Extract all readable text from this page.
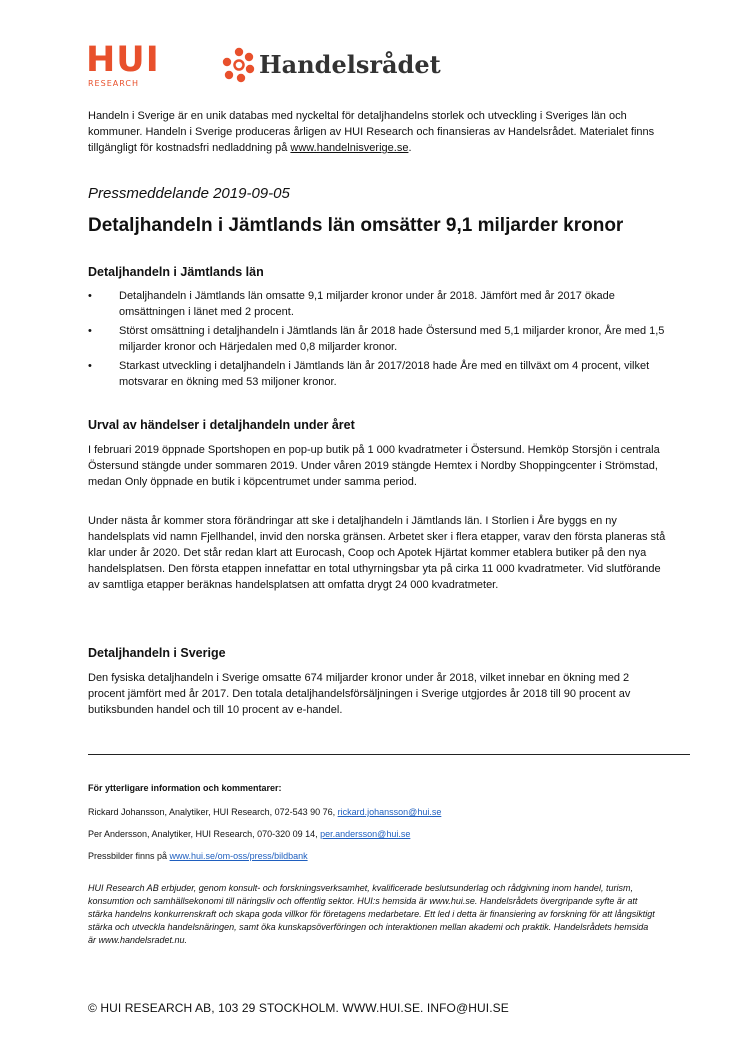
HUI
RESEARCH
Handelsrådet
Handeln i Sverige är en unik databas med nyckeltal för detaljhandelns storlek och utveckling i Sveriges län och kommuner. Handeln i Sverige produceras årligen av HUI Research och finansieras av Handelsrådet. Materialet finns tillgängligt för kostnadsfri nedladdning på www.handelnisverige.se.
Pressmeddelande 2019-09-05
Detaljhandeln i Jämtlands län omsätter 9,1 miljarder kronor
Detaljhandeln i Jämtlands län
• Detaljhandeln i Jämtlands län omsatte 9,1 miljarder kronor under år 2018. Jämfört med år 2017 ökade omsättningen i länet med 2 procent.
• Störst omsättning i detaljhandeln i Jämtlands län år 2018 hade Östersund med 5,1 miljarder kronor, Åre med 1,5 miljarder kronor och Härjedalen med 0,8 miljarder kronor.
• Starkast utveckling i detaljhandeln i Jämtlands län år 2017/2018 hade Åre med en tillväxt om 4 procent, vilket motsvarar en ökning med 53 miljoner kronor.
Urval av händelser i detaljhandeln under året

I februari 2019 öppnade Sportshopen en pop-up butik på 1 000 kvadratmeter i Östersund. Hemköp Storsjön i centrala Östersund stängde under sommaren 2019. Under våren 2019 stängde Hemtex i Nordby Shoppingcenter i Strömstad, medan Only öppnade en butik i köpcentrumet under samma period.

Under nästa år kommer stora förändringar att ske i detaljhandeln i Jämtlands län. I Storlien i Åre byggs en ny handelsplats vid namn Fjellhandel, invid den norska gränsen. Arbetet sker i flera etapper, varav den första planeras stå klar under år 2020. Det står redan klart att Eurocash, Coop och Apotek Hjärtat kommer etablera butiker på den nya handelsplatsen. Den första etappen innefattar en total uthyrningsbar yta på cirka 11 000 kvadratmeter. Vid slutförande av samtliga etapper beräknas handelsplatsen att omfatta drygt 24 000 kvadratmeter.

Detaljhandeln i Sverige

Den fysiska detaljhandeln i Sverige omsatte 674 miljarder kronor under år 2018, vilket innebar en ökning med 2 procent jämfört med år 2017. Den totala detaljhandelsförsäljningen i Sverige utgjordes år 2018 till 90 procent av butiksbunden handel och till 10 procent av e-handel.

För ytterligare information och kommentarer:
Rickard Johansson, Analytiker, HUI Research, 072-543 90 76, rickard.johansson@hui.se
Per Andersson, Analytiker, HUI Research, 070-320 09 14, per.andersson@hui.se
Pressbilder finns på www.hui.se/om-oss/press/bildbank
HUI Research AB erbjuder, genom konsult- och forskningsverksamhet, kvalificerade beslutsunderlag och rådgivning inom handel, turism, konsumtion och samhällsekonomi till näringsliv och offentlig sektor. HUI:s hemsida är www.hui.se. Handelsrådets övergripande syfte är att stärka handelns konkurrenskraft och skapa goda villkor för företagens medarbetare. Ett led i detta är finansiering av forskning för att långsiktigt stärka och utveckla handelsnäringen, samt öka kunskapsöverföringen och interaktionen mellan akademi och praktik. Handelsrådets hemsida är www.handelsradet.nu.
© HUI RESEARCH AB, 103 29 STOCKHOLM. WWW.HUI.SE. INFO@HUI.SE
